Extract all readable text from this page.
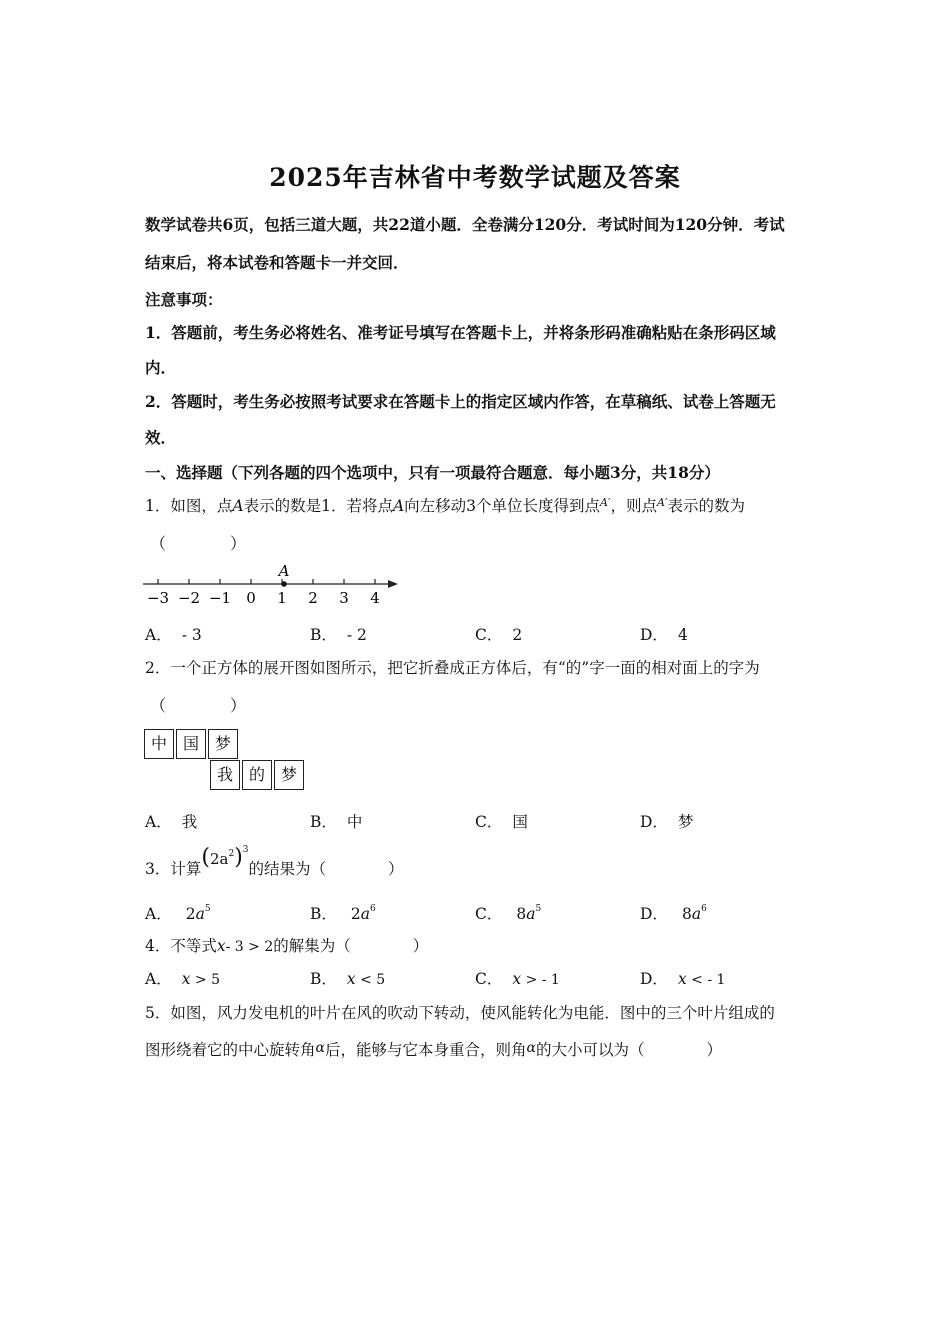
2025年吉林省中考数学试题及答案
数学试卷共6页，包括三道大题，共22道小题．全卷满分120分．考试时间为120分钟．考试
结束后，将本试卷和答题卡一并交回．
注意事项：
1．答题前，考生务必将姓名、准考证号填写在答题卡上，并将条形码准确粘贴在条形码区域
内．
2．答题时，考生务必按照考试要求在答题卡上的指定区域内作答，在草稿纸、试卷上答题无
效．
一、选择题（下列各题的四个选项中，只有一项最符合题意．每小题3分，共18分）
1．如图，点A表示的数是1．若将点A向左移动3个单位长度得到点$^{A'}$，则点$^{A'}$表示的数为
（　　　　）
−3 −2 −1 0 1 2 3 4
A
A． - 3	B． - 2	C． 2	D． 4
2．一个正方体的展开图如图所示，把它折叠成正方体后，有“的”字一面的相对面上的字为
（　　　　）
中 国 梦
我 的 梦
A． 我	B． 中	C． 国	D． 梦
3．计算$(2a^2)^3$的结果为（　　　　）
A． $2a^5$	B． $2a^6$	C． $8a^5$	D． $8a^6$
4．不等式x- 3 > 2的解集为（　　　　）
A． x > 5	B． x < 5	C． x > - 1	D． x < - 1
5．如图，风力发电机的叶片在风的吹动下转动，使风能转化为电能．图中的三个叶片组成的
图形绕着它的中心旋转角α后，能够与它本身重合，则角α的大小可以为（　　　　）
